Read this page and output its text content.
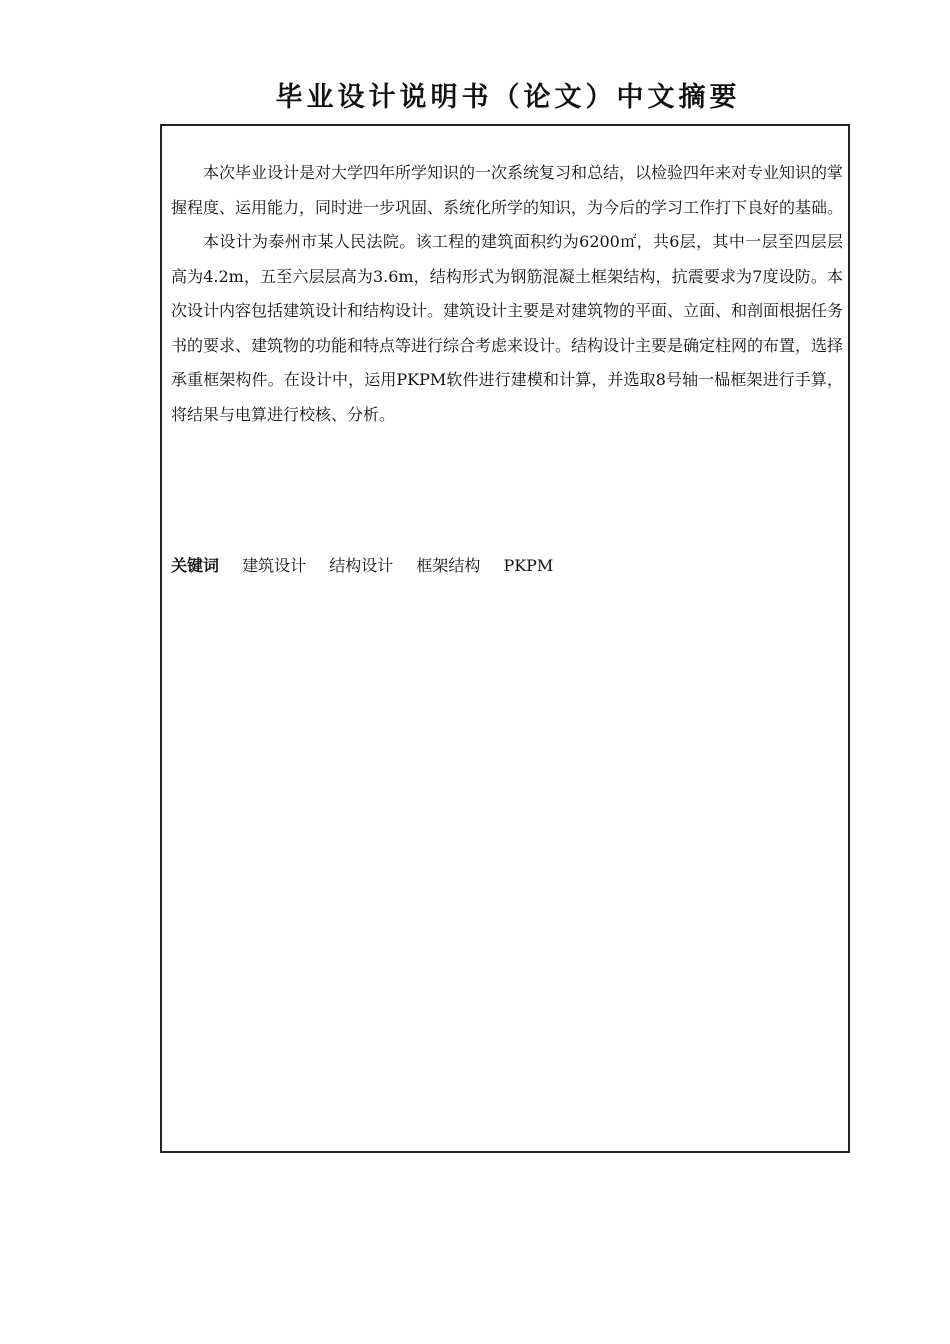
毕业设计说明书（论文）中文摘要

本次毕业设计是对大学四年所学知识的一次系统复习和总结，以检验四年来对专业知识的掌握程度、运用能力，同时进一步巩固、系统化所学的知识，为今后的学习工作打下良好的基础。

本设计为泰州市某人民法院。该工程的建筑面积约为6200㎡，共6层，其中一层至四层层高为4.2m，五至六层层高为3.6m，结构形式为钢筋混凝土框架结构，抗震要求为7度设防。本次设计内容包括建筑设计和结构设计。建筑设计主要是对建筑物的平面、立面、和剖面根据任务书的要求、建筑物的功能和特点等进行综合考虑来设计。结构设计主要是确定柱网的布置，选择承重框架构件。在设计中，运用PKPM软件进行建模和计算，并选取8号轴一榀框架进行手算，将结果与电算进行校核、分析。

关键词 建筑设计 结构设计 框架结构 PKPM
